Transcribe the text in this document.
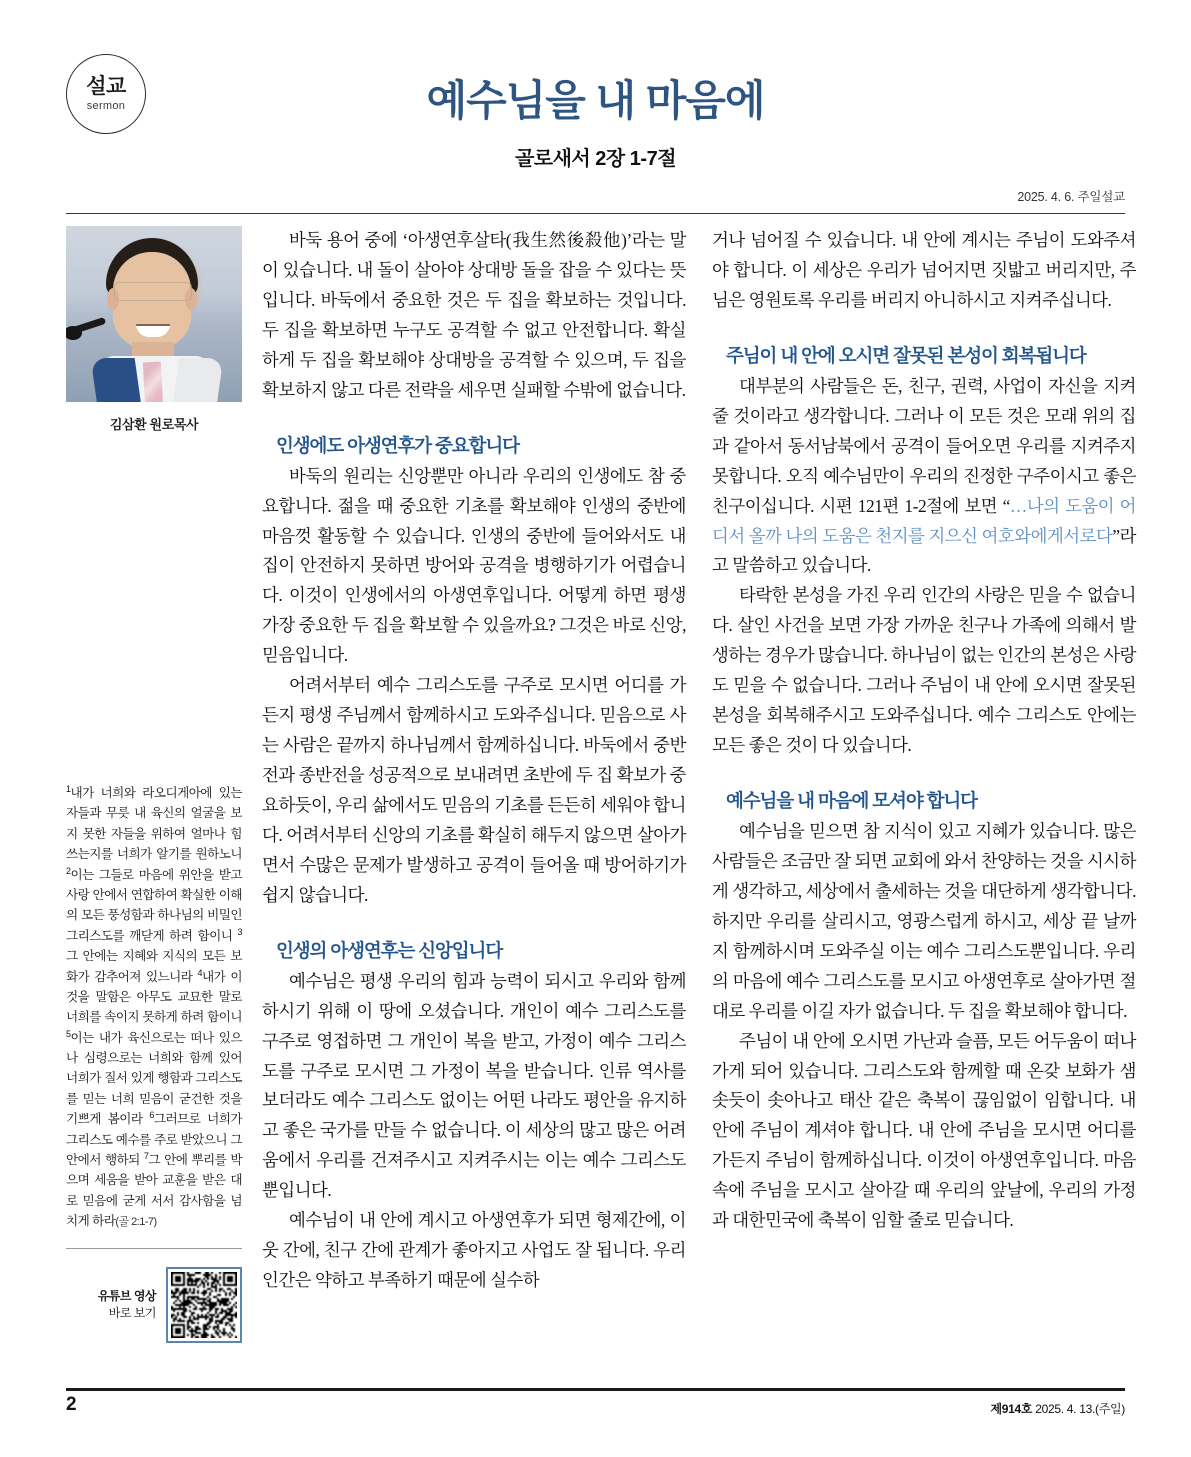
설교
sermon	예수님을 내 마음에
골로새서 2장 1-7절
2025. 4. 6. 주일설교
김삼환 원로목사
$^1$내가 너희와 라오디게아에 있는 자들과 무릇 내 육신의 얼굴을 보지 못한 자들을 위하여 얼마나 힘쓰는지를 너희가 알기를 원하노니 $^2$이는 그들로 마음에 위안을 받고 사랑 안에서 연합하여 확실한 이해의 모든 풍성함과 하나님의 비밀인 그리스도를 깨닫게 하려 함이니 $^3$그 안에는 지혜와 지식의 모든 보화가 감추어져 있느니라 $^4$내가 이것을 말함은 아무도 교묘한 말로 너희를 속이지 못하게 하려 함이니 $^5$이는 내가 육신으로는 떠나 있으나 심령으로는 너희와 함께 있어 너희가 질서 있게 행함과 그리스도를 믿는 너희 믿음이 굳건한 것을 기쁘게 봄이라 $^6$그러므로 너희가 그리스도 예수를 주로 받았으니 그 안에서 행하되 $^7$그 안에 뿌리를 박으며 세움을 받아 교훈을 받은 대로 믿음에 굳게 서서 감사함을 넘치게 하라(골 2:1-7)
유튜브 영상
바로 보기

바둑 용어 중에 ‘아생연후살타(我生然後殺他)’라는 말이 있습니다. 내 돌이 살아야 상대방 돌을 잡을 수 있다는 뜻입니다. 바둑에서 중요한 것은 두 집을 확보하는 것입니다. 두 집을 확보하면 누구도 공격할 수 없고 안전합니다. 확실하게 두 집을 확보해야 상대방을 공격할 수 있으며, 두 집을 확보하지 않고 다른 전략을 세우면 실패할 수밖에 없습니다.

인생에도 아생연후가 중요합니다

바둑의 원리는 신앙뿐만 아니라 우리의 인생에도 참 중요합니다. 젊을 때 중요한 기초를 확보해야 인생의 중반에 마음껏 활동할 수 있습니다. 인생의 중반에 들어와서도 내 집이 안전하지 못하면 방어와 공격을 병행하기가 어렵습니다. 이것이 인생에서의 아생연후입니다. 어떻게 하면 평생 가장 중요한 두 집을 확보할 수 있을까요? 그것은 바로 신앙, 믿음입니다.

어려서부터 예수 그리스도를 구주로 모시면 어디를 가든지 평생 주님께서 함께하시고 도와주십니다. 믿음으로 사는 사람은 끝까지 하나님께서 함께하십니다. 바둑에서 중반전과 종반전을 성공적으로 보내려면 초반에 두 집 확보가 중요하듯이, 우리 삶에서도 믿음의 기초를 든든히 세워야 합니다. 어려서부터 신앙의 기초를 확실히 해두지 않으면 살아가면서 수많은 문제가 발생하고 공격이 들어올 때 방어하기가 쉽지 않습니다.

인생의 아생연후는 신앙입니다

예수님은 평생 우리의 힘과 능력이 되시고 우리와 함께하시기 위해 이 땅에 오셨습니다. 개인이 예수 그리스도를 구주로 영접하면 그 개인이 복을 받고, 가정이 예수 그리스도를 구주로 모시면 그 가정이 복을 받습니다. 인류 역사를 보더라도 예수 그리스도 없이는 어떤 나라도 평안을 유지하고 좋은 국가를 만들 수 없습니다. 이 세상의 많고 많은 어려움에서 우리를 건져주시고 지켜주시는 이는 예수 그리스도뿐입니다.

예수님이 내 안에 계시고 아생연후가 되면 형제간에, 이웃 간에, 친구 간에 관계가 좋아지고 사업도 잘 됩니다. 우리 인간은 약하고 부족하기 때문에 실수하

거나 넘어질 수 있습니다. 내 안에 계시는 주님이 도와주셔야 합니다. 이 세상은 우리가 넘어지면 짓밟고 버리지만, 주님은 영원토록 우리를 버리지 아니하시고 지켜주십니다.

주님이 내 안에 오시면 잘못된 본성이 회복됩니다

대부분의 사람들은 돈, 친구, 권력, 사업이 자신을 지켜줄 것이라고 생각합니다. 그러나 이 모든 것은 모래 위의 집과 같아서 동서남북에서 공격이 들어오면 우리를 지켜주지 못합니다. 오직 예수님만이 우리의 진정한 구주이시고 좋은 친구이십니다. 시편 121편 1-2절에 보면 “…나의 도움이 어디서 올까 나의 도움은 천지를 지으신 여호와에게서로다”라고 말씀하고 있습니다.

타락한 본성을 가진 우리 인간의 사랑은 믿을 수 없습니다. 살인 사건을 보면 가장 가까운 친구나 가족에 의해서 발생하는 경우가 많습니다. 하나님이 없는 인간의 본성은 사랑도 믿을 수 없습니다. 그러나 주님이 내 안에 오시면 잘못된 본성을 회복해주시고 도와주십니다. 예수 그리스도 안에는 모든 좋은 것이 다 있습니다.

예수님을 내 마음에 모셔야 합니다

예수님을 믿으면 참 지식이 있고 지혜가 있습니다. 많은 사람들은 조금만 잘 되면 교회에 와서 찬양하는 것을 시시하게 생각하고, 세상에서 출세하는 것을 대단하게 생각합니다. 하지만 우리를 살리시고, 영광스럽게 하시고, 세상 끝 날까지 함께하시며 도와주실 이는 예수 그리스도뿐입니다. 우리의 마음에 예수 그리스도를 모시고 아생연후로 살아가면 절대로 우리를 이길 자가 없습니다. 두 집을 확보해야 합니다.

주님이 내 안에 오시면 가난과 슬픔, 모든 어두움이 떠나가게 되어 있습니다. 그리스도와 함께할 때 온갖 보화가 샘솟듯이 솟아나고 태산 같은 축복이 끊임없이 임합니다. 내 안에 주님이 계셔야 합니다. 내 안에 주님을 모시면 어디를 가든지 주님이 함께하십니다. 이것이 아생연후입니다. 마음속에 주님을 모시고 살아갈 때 우리의 앞날에, 우리의 가정과 대한민국에 축복이 임할 줄로 믿습니다.

2	제914호 2025. 4. 13.(주일)
